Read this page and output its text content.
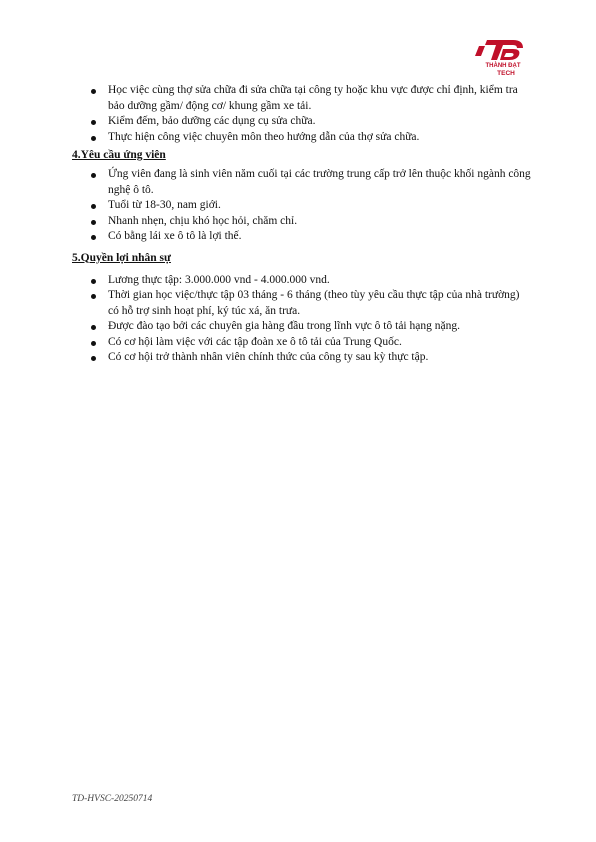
THÀNH ĐẠT
TECH
Học việc cùng thợ sửa chữa đi sửa chữa tại công ty hoặc khu vực được chỉ định, kiểm tra bảo dưỡng gầm/ động cơ/ khung gầm xe tải.
Kiểm đếm, bảo dưỡng các dụng cụ sửa chữa.
Thực hiện công việc chuyên môn theo hướng dẫn của thợ sửa chữa.

4.Yêu cầu ứng viên

Ứng viên đang là sinh viên năm cuối tại các trường trung cấp trở lên thuộc khối ngành công nghệ ô tô.
Tuổi từ 18-30, nam giới.
Nhanh nhẹn, chịu khó học hỏi, chăm chỉ.
Có bằng lái xe ô tô là lợi thế.

5.Quyền lợi nhân sự

Lương thực tập: 3.000.000 vnd - 4.000.000 vnd.
Thời gian học việc/thực tập 03 tháng - 6 tháng (theo tùy yêu cầu thực tập của nhà trường) có hỗ trợ sinh hoạt phí, ký túc xá, ăn trưa.
Được đào tạo bởi các chuyên gia hàng đầu trong lĩnh vực ô tô tải hạng nặng.
Có cơ hội làm việc với các tập đoàn xe ô tô tải của Trung Quốc.
Có cơ hội trở thành nhân viên chính thức của công ty sau kỳ thực tập.
TD-HVSC-20250714
